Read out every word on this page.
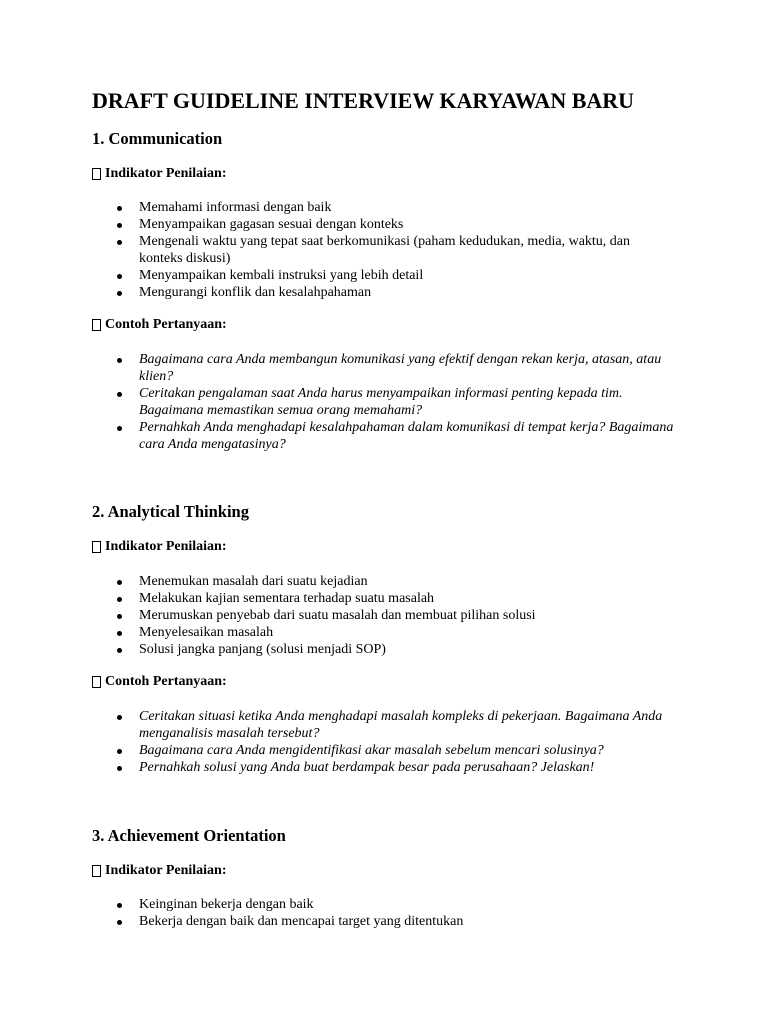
DRAFT GUIDELINE INTERVIEW KARYAWAN BARU
1. Communication
Indikator Penilaian:
Memahami informasi dengan baik
Menyampaikan gagasan sesuai dengan konteks
Mengenali waktu yang tepat saat berkomunikasi (paham kedudukan, media, waktu, dan konteks diskusi)
Menyampaikan kembali instruksi yang lebih detail
Mengurangi konflik dan kesalahpahaman
Contoh Pertanyaan:
Bagaimana cara Anda membangun komunikasi yang efektif dengan rekan kerja, atasan, atau klien?
Ceritakan pengalaman saat Anda harus menyampaikan informasi penting kepada tim. Bagaimana memastikan semua orang memahami?
Pernahkah Anda menghadapi kesalahpahaman dalam komunikasi di tempat kerja? Bagaimana cara Anda mengatasinya?
2. Analytical Thinking
Indikator Penilaian:
Menemukan masalah dari suatu kejadian
Melakukan kajian sementara terhadap suatu masalah
Merumuskan penyebab dari suatu masalah dan membuat pilihan solusi
Menyelesaikan masalah
Solusi jangka panjang (solusi menjadi SOP)
Contoh Pertanyaan:
Ceritakan situasi ketika Anda menghadapi masalah kompleks di pekerjaan. Bagaimana Anda menganalisis masalah tersebut?
Bagaimana cara Anda mengidentifikasi akar masalah sebelum mencari solusinya?
Pernahkah solusi yang Anda buat berdampak besar pada perusahaan? Jelaskan!
3. Achievement Orientation
Indikator Penilaian:
Keinginan bekerja dengan baik
Bekerja dengan baik dan mencapai target yang ditentukan
